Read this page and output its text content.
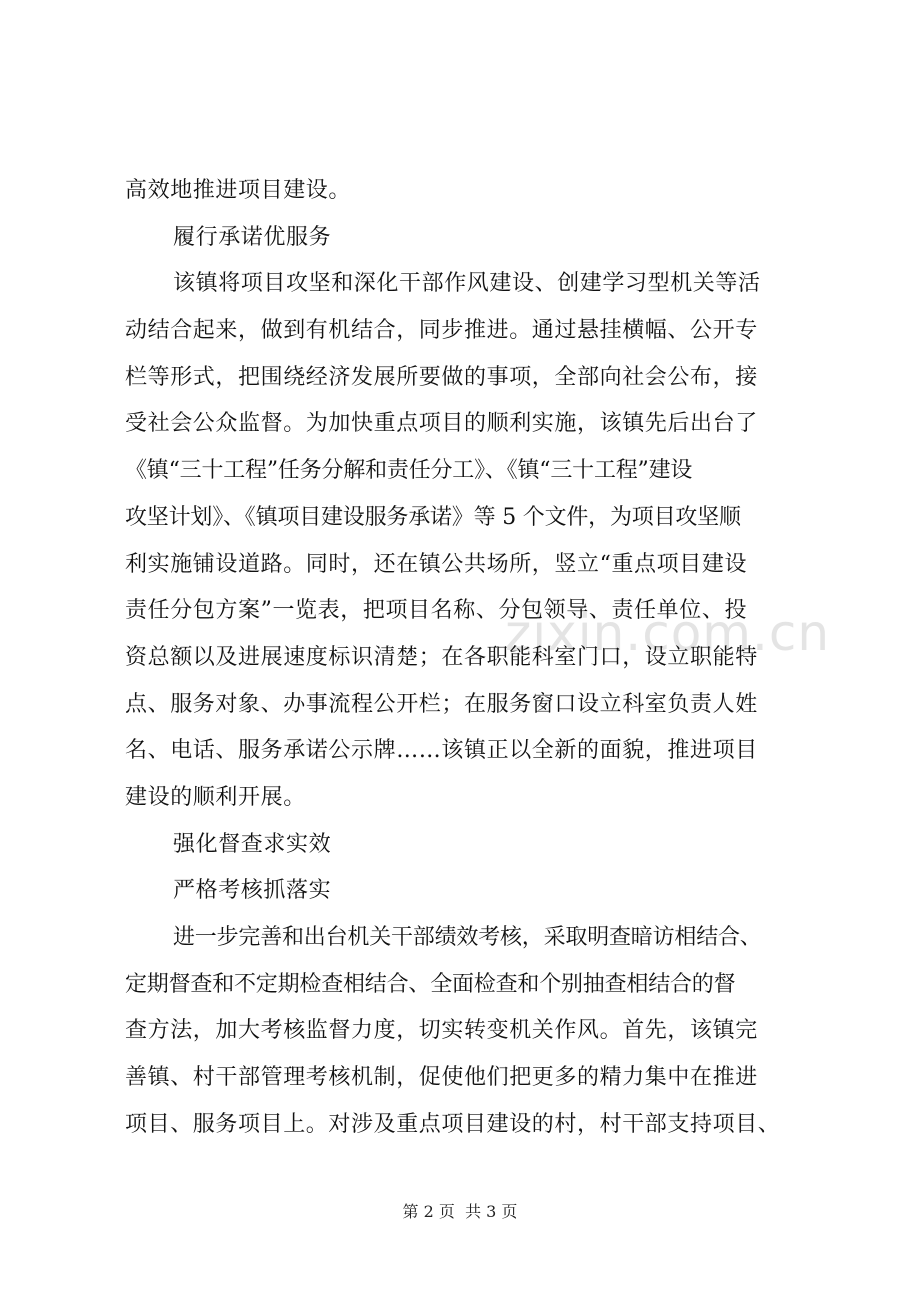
zixin.com.cn
高效地推进项目建设。
履行承诺优服务
该镇将项目攻坚和深化干部作风建设、创建学习型机关等活
动结合起来，做到有机结合，同步推进。通过悬挂横幅、公开专
栏等形式，把围绕经济发展所要做的事项，全部向社会公布，接
受社会公众监督。为加快重点项目的顺利实施，该镇先后出台了
《镇“三十工程”任务分解和责任分工》、《镇“三十工程”建设
攻坚计划》、《镇项目建设服务承诺》等 5 个文件，为项目攻坚顺
利实施铺设道路。同时，还在镇公共场所，竖立“重点项目建设
责任分包方案”一览表，把项目名称、分包领导、责任单位、投
资总额以及进展速度标识清楚；在各职能科室门口，设立职能特
点、服务对象、办事流程公开栏；在服务窗口设立科室负责人姓
名、电话、服务承诺公示牌……该镇正以全新的面貌，推进项目
建设的顺利开展。
强化督查求实效
严格考核抓落实
进一步完善和出台机关干部绩效考核，采取明查暗访相结合、
定期督查和不定期检查相结合、全面检查和个别抽查相结合的督
查方法，加大考核监督力度，切实转变机关作风。首先，该镇完
善镇、村干部管理考核机制，促使他们把更多的精力集中在推进
项目、服务项目上。对涉及重点项目建设的村，村干部支持项目、
第 2 页  共 3 页
